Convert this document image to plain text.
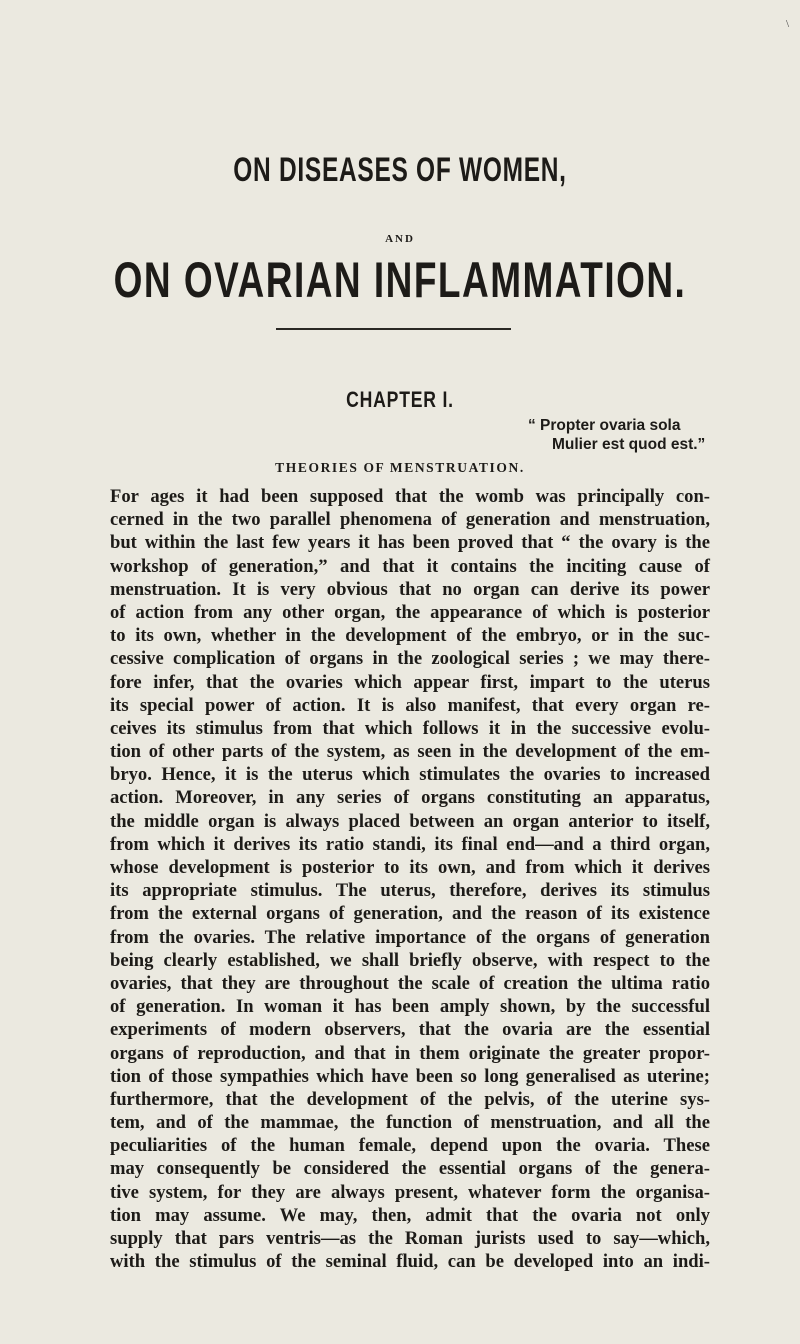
\
ON DISEASES OF WOMEN,
AND
ON OVARIAN INFLAMMATION.
CHAPTER I.
“ Propter ovaria sola
Mulier est quod est.”
THEORIES OF MENSTRUATION.
For ages it had been supposed that the womb was principally con-
cerned in the two parallel phenomena of generation and menstruation,
but within the last few years it has been proved that “ the ovary is the
workshop of generation,” and that it contains the inciting cause of
menstruation. It is very obvious that no organ can derive its power
of action from any other organ, the appearance of which is posterior
to its own, whether in the development of the embryo, or in the suc-
cessive complication of organs in the zoological series ; we may there-
fore infer, that the ovaries which appear first, impart to the uterus
its special power of action. It is also manifest, that every organ re-
ceives its stimulus from that which follows it in the successive evolu-
tion of other parts of the system, as seen in the development of the em-
bryo. Hence, it is the uterus which stimulates the ovaries to increased
action. Moreover, in any series of organs constituting an apparatus,
the middle organ is always placed between an organ anterior to itself,
from which it derives its ratio standi, its final end—and a third organ,
whose development is posterior to its own, and from which it derives
its appropriate stimulus. The uterus, therefore, derives its stimulus
from the external organs of generation, and the reason of its existence
from the ovaries. The relative importance of the organs of generation
being clearly established, we shall briefly observe, with respect to the
ovaries, that they are throughout the scale of creation the ultima ratio
of generation. In woman it has been amply shown, by the successful
experiments of modern observers, that the ovaria are the essential
organs of reproduction, and that in them originate the greater propor-
tion of those sympathies which have been so long generalised as uterine;
furthermore, that the development of the pelvis, of the uterine sys-
tem, and of the mammae, the function of menstruation, and all the
peculiarities of the human female, depend upon the ovaria. These
may consequently be considered the essential organs of the genera-
tive system, for they are always present, whatever form the organisa-
tion may assume. We may, then, admit that the ovaria not only
supply that pars ventris—as the Roman jurists used to say—which,
with the stimulus of the seminal fluid, can be developed into an indi-
